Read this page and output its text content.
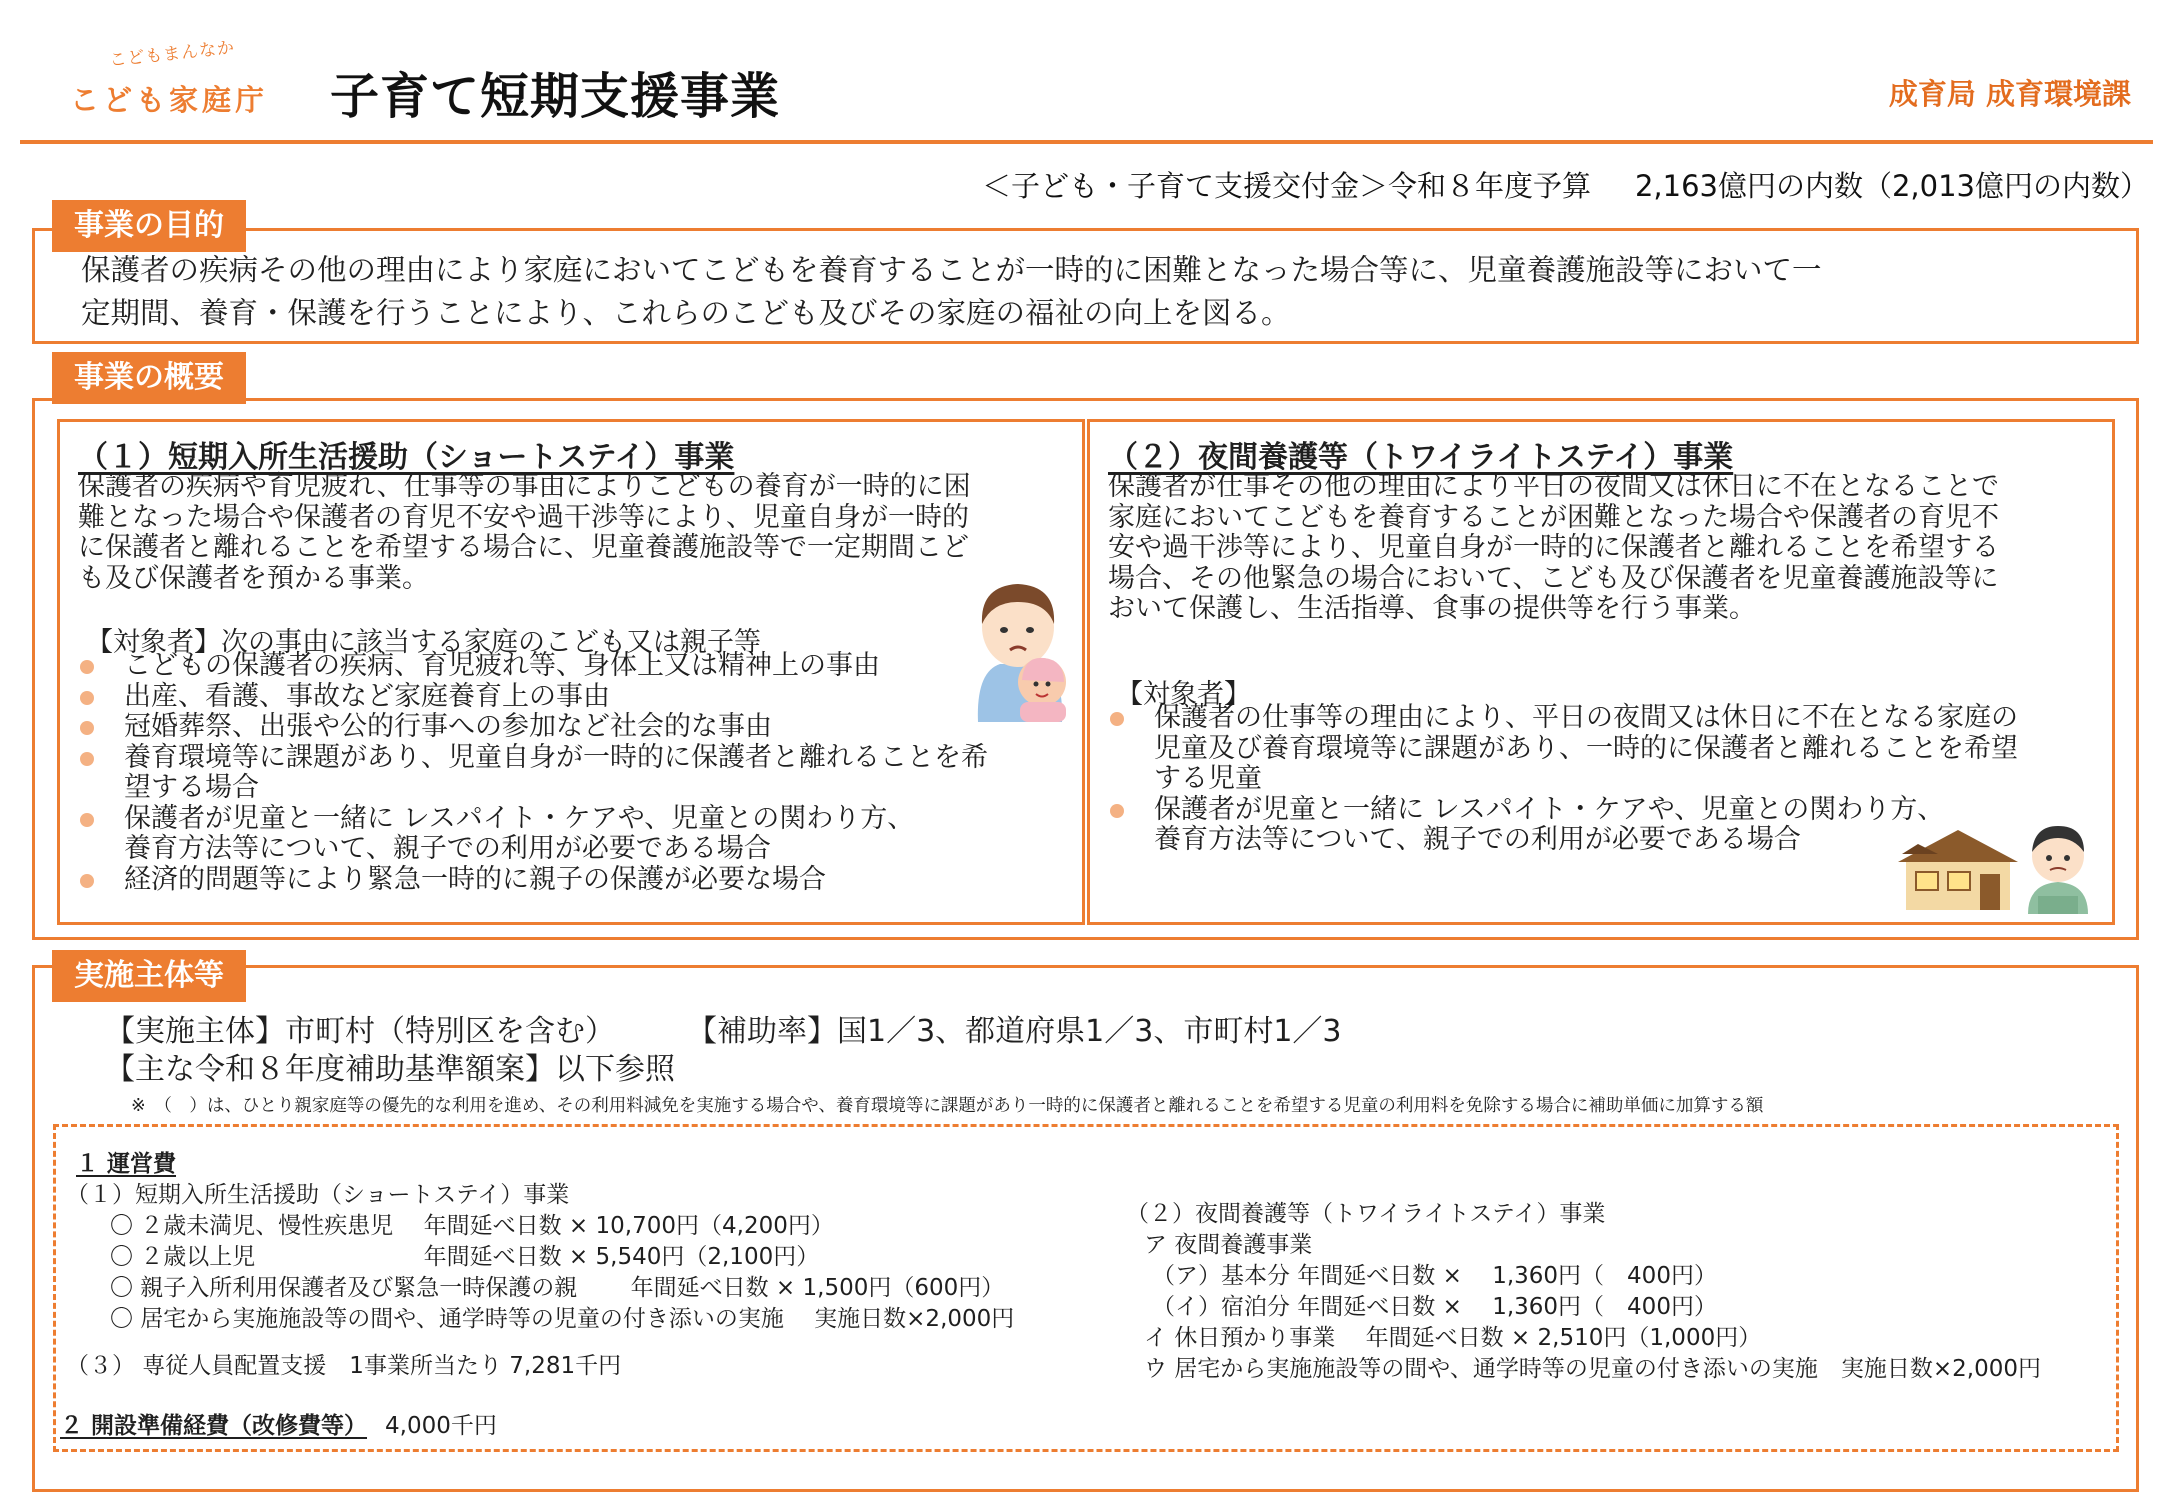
こどもまんなか
こども家庭庁 子育て短期支援事業	成育局 成育環境課
＜子ども・子育て支援交付金＞令和８年度予算 2,163億円の内数（2,013億円の内数）
保護者の疾病その他の理由により家庭においてこどもを養育することが一時的に困難となった場合等に、児童養護施設等において一
定期間、養育・保護を行うことにより、これらのこども及びその家庭の福祉の向上を図る。
事業の目的
（１）短期入所生活援助（ショートステイ）事業
保護者の疾病や育児疲れ、仕事等の事由によりこどもの養育が一時的に困
難となった場合や保護者の育児不安や過干渉等により、児童自身が一時的
に保護者と離れることを希望する場合に、児童養護施設等で一定期間こど
も及び保護者を預かる事業。
【対象者】次の事由に該当する家庭のこども又は親子等
こどもの保護者の疾病、育児疲れ等、身体上又は精神上の事由
出産、看護、事故など家庭養育上の事由
冠婚葬祭、出張や公的行事への参加など社会的な事由
養育環境等に課題があり、児童自身が一時的に保護者と離れることを希
望する場合
保護者が児童と一緒に レスパイト・ケアや、児童との関わり方、
養育方法等について、親子での利用が必要である場合
経済的問題等により緊急一時的に親子の保護が必要な場合
（２）夜間養護等（トワイライトステイ）事業
保護者が仕事その他の理由により平日の夜間又は休日に不在となることで
家庭においてこどもを養育することが困難となった場合や保護者の育児不
安や過干渉等により、児童自身が一時的に保護者と離れることを希望する
場合、その他緊急の場合において、こども及び保護者を児童養護施設等に
おいて保護し、生活指導、食事の提供等を行う事業。
【対象者】
保護者の仕事等の理由により、平日の夜間又は休日に不在となる家庭の
児童及び養育環境等に課題があり、一時的に保護者と離れることを希望
する児童
保護者が児童と一緒に レスパイト・ケアや、児童との関わり方、
養育方法等について、親子での利用が必要である場合
事業の概要
【実施主体】市町村（特別区を含む） 【補助率】国1／3、都道府県1／3、市町村1／3
【主な令和８年度補助基準額案】以下参照
※　（　）は、ひとり親家庭等の優先的な利用を進め、その利用料減免を実施する場合や、養育環境等に課題があり一時的に保護者と離れることを希望する児童の利用料を免除する場合に補助単価に加算する額
１ 運営費
（１）短期入所生活援助（ショートステイ）事業
〇 ２歳未満児、慢性疾患児　 年間延べ日数 × 10,700円（4,200円）
〇 ２歳以上児　　　　　　　 年間延べ日数 × 5,540円（2,100円）
〇 親子入所利用保護者及び緊急一時保護の親　　 年間延べ日数 × 1,500円（600円）
〇 居宅から実施施設等の間や、通学時等の児童の付き添いの実施　 実施日数×2,000円
（３） 専従人員配置支援　1事業所当たり 7,281千円
２ 開設準備経費（改修費等） 4,000千円
（２）夜間養護等（トワイライトステイ）事業
ア 夜間養護事業
（ア）基本分 年間延べ日数 ×　 1,360円（　400円）
（イ）宿泊分 年間延べ日数 ×　 1,360円（　400円）
イ 休日預かり事業　 年間延べ日数 × 2,510円（1,000円）
ウ 居宅から実施施設等の間や、通学時等の児童の付き添いの実施　実施日数×2,000円
実施主体等
